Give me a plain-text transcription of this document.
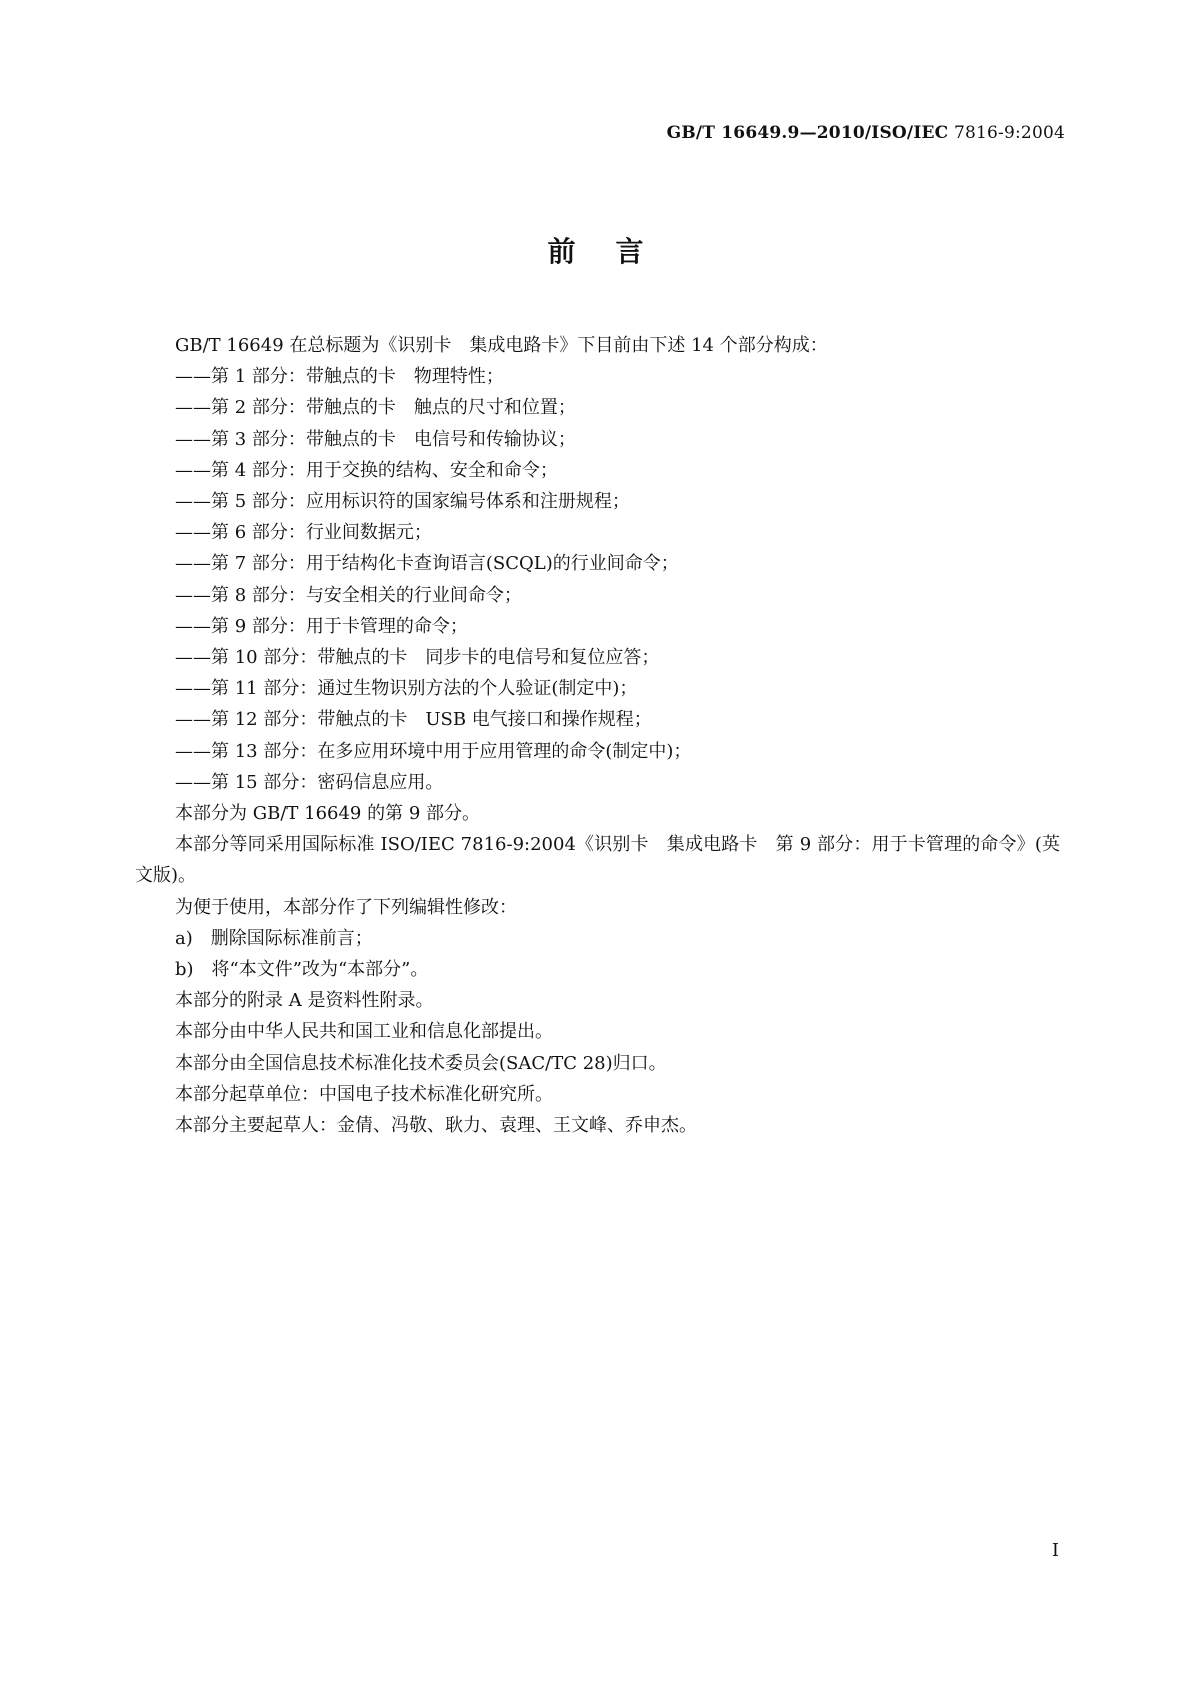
GB/T 16649.9—2010/ISO/IEC 7816-9:2004
前言

GB/T 16649 在总标题为《识别卡　集成电路卡》下目前由下述 14 个部分构成：

——第 1 部分：带触点的卡　物理特性；

——第 2 部分：带触点的卡　触点的尺寸和位置；

——第 3 部分：带触点的卡　电信号和传输协议；

——第 4 部分：用于交换的结构、安全和命令；

——第 5 部分：应用标识符的国家编号体系和注册规程；

——第 6 部分：行业间数据元；

——第 7 部分：用于结构化卡查询语言(SCQL)的行业间命令；

——第 8 部分：与安全相关的行业间命令；

——第 9 部分：用于卡管理的命令；

——第 10 部分：带触点的卡　同步卡的电信号和复位应答；

——第 11 部分：通过生物识别方法的个人验证(制定中)；

——第 12 部分：带触点的卡　USB 电气接口和操作规程；

——第 13 部分：在多应用环境中用于应用管理的命令(制定中)；

——第 15 部分：密码信息应用。

本部分为 GB/T 16649 的第 9 部分。

本部分等同采用国际标准 ISO/IEC 7816-9:2004《识别卡　集成电路卡　第 9 部分：用于卡管理的命令》(英文版)。

为便于使用，本部分作了下列编辑性修改：

a)　删除国际标准前言；

b)　将“本文件”改为“本部分”。

本部分的附录 A 是资料性附录。

本部分由中华人民共和国工业和信息化部提出。

本部分由全国信息技术标准化技术委员会(SAC/TC 28)归口。

本部分起草单位：中国电子技术标准化研究所。

本部分主要起草人：金倩、冯敬、耿力、袁理、王文峰、乔申杰。

I
